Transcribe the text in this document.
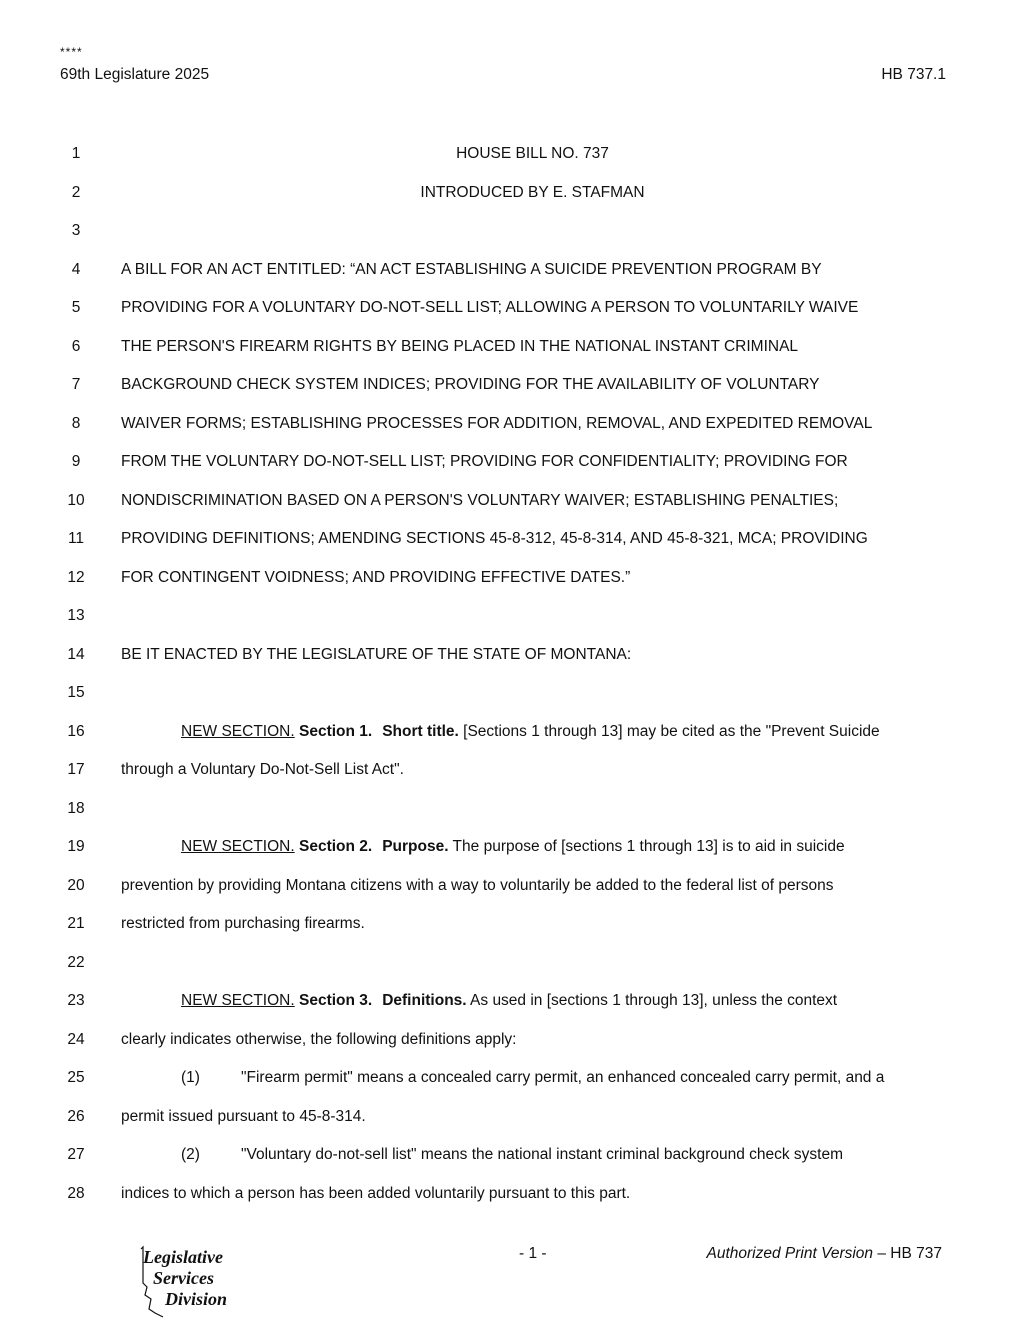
****
69th Legislature 2025	HB 737.1
1	HOUSE BILL NO. 737
2	INTRODUCED BY E. STAFMAN
3
4	A BILL FOR AN ACT ENTITLED: “AN ACT ESTABLISHING A SUICIDE PREVENTION PROGRAM BY
5	PROVIDING FOR A VOLUNTARY DO-NOT-SELL LIST; ALLOWING A PERSON TO VOLUNTARILY WAIVE
6	THE PERSON'S FIREARM RIGHTS BY BEING PLACED IN THE NATIONAL INSTANT CRIMINAL
7	BACKGROUND CHECK SYSTEM INDICES; PROVIDING FOR THE AVAILABILITY OF VOLUNTARY
8	WAIVER FORMS; ESTABLISHING PROCESSES FOR ADDITION, REMOVAL, AND EXPEDITED REMOVAL
9	FROM THE VOLUNTARY DO-NOT-SELL LIST; PROVIDING FOR CONFIDENTIALITY; PROVIDING FOR
10	NONDISCRIMINATION BASED ON A PERSON'S VOLUNTARY WAIVER; ESTABLISHING PENALTIES;
11	PROVIDING DEFINITIONS; AMENDING SECTIONS 45-8-312, 45-8-314, AND 45-8-321, MCA; PROVIDING
12	FOR CONTINGENT VOIDNESS; AND PROVIDING EFFECTIVE DATES.”
13
14	BE IT ENACTED BY THE LEGISLATURE OF THE STATE OF MONTANA:
15
16	NEW SECTION. Section 1. Short title. [Sections 1 through 13] may be cited as the "Prevent Suicide
17	through a Voluntary Do-Not-Sell List Act".
18
19	NEW SECTION. Section 2. Purpose. The purpose of [sections 1 through 13] is to aid in suicide
20	prevention by providing Montana citizens with a way to voluntarily be added to the federal list of persons
21	restricted from purchasing firearms.
22
23	NEW SECTION. Section 3. Definitions. As used in [sections 1 through 13], unless the context
24	clearly indicates otherwise, the following definitions apply:
25	(1)	"Firearm permit" means a concealed carry permit, an enhanced concealed carry permit, and a
26	permit issued pursuant to 45-8-314.
27	(2)	"Voluntary do-not-sell list" means the national instant criminal background check system
28	indices to which a person has been added voluntarily pursuant to this part.
Legislative
Services
Division
- 1 -	Authorized Print Version – HB 737
